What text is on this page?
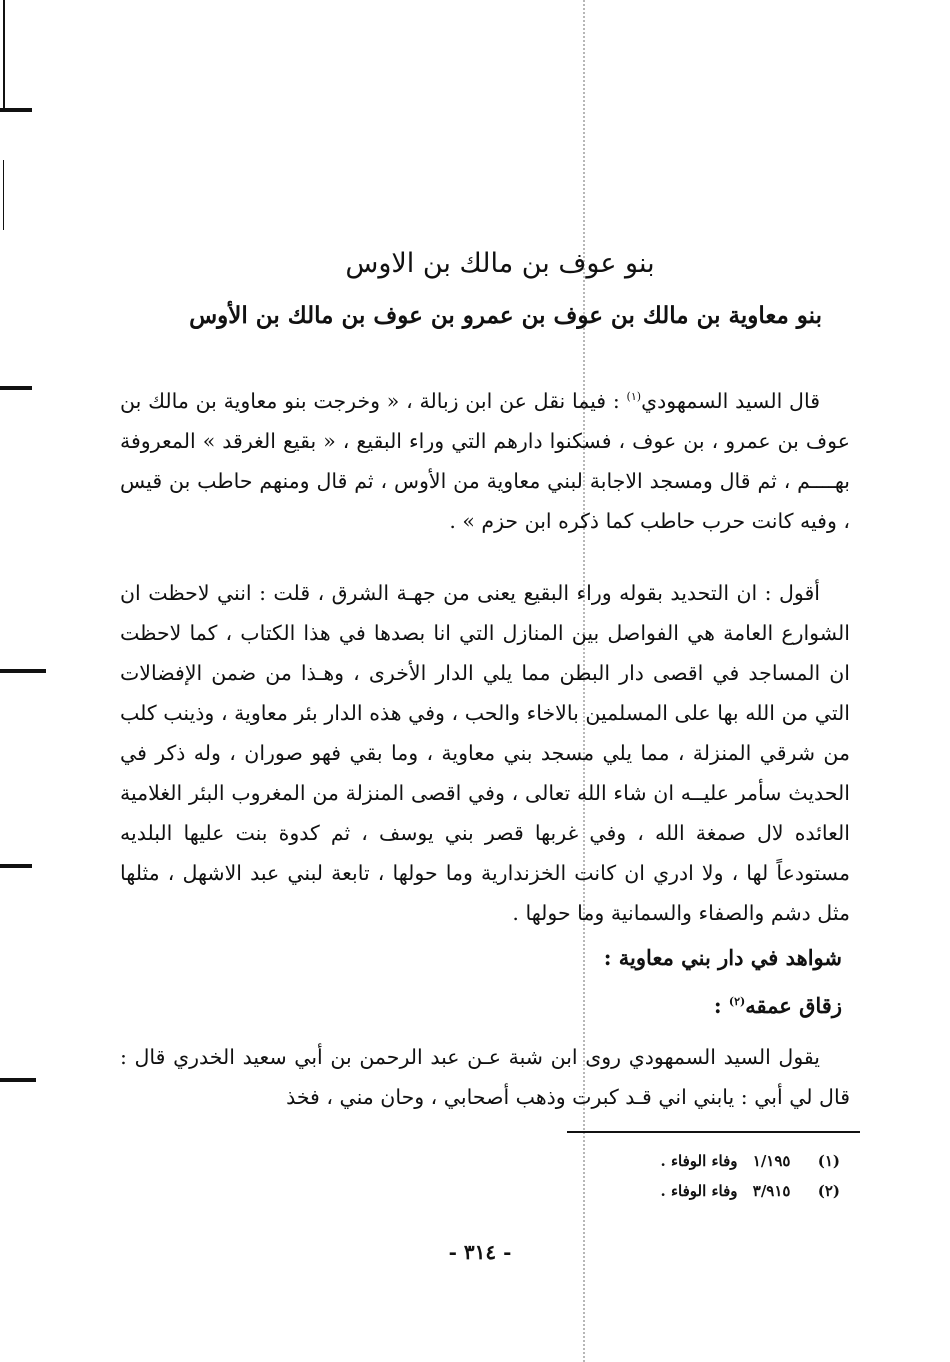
بنو عوف بن مالك بن الاوس
بنو معاوية بن مالك بن عوف بن عمرو بن عوف بن مالك بن الأوس
قال السيد السمهودي$^{(١)}$ : فيما نقل عن ابن زبالة ، « وخرجت بنو معاوية بن مالك بن عوف بن عمرو ، بن عوف ، فسكنوا دارهم التي وراء البقيع ، « بقيع الغرقد » المعروفة بهــــم ، ثم قال ومسجد الاجابة لبني معاوية من الأوس ، ثم قال ومنهم حاطب بن قيس ، وفيه كانت حرب حاطب كما ذكره ابن حزم » .
أقول : ان التحديد بقوله وراء البقيع يعنى من جهـة الشرق ، قلت : انني لاحظت ان الشوارع العامة هي الفواصل بين المنازل التي انا بصدها في هذا الكتاب ، كما لاحظت ان المساجد في اقصى دار البطن مما يلي الدار الأخرى ، وهـذا من ضمن الإفضالات التي من الله بها على المسلمين بالاخاء والحب ، وفي هذه الدار بئر معاوية ، وذينب كلب من شرقي المنزلة ، مما يلي مسجد بني معاوية ، وما بقي فهو صوران ، وله ذكر في الحديث سأمر عليــه ان شاء الله تعالى ، وفي اقصى المنزلة من المغروب البئر الغلامية العائده لال صمغة الله ، وفي غربها قصر بني يوسف ، ثم كدوة بنت عليها البلديه مستودعاً لها ، ولا ادري ان كانت الخزندارية وما حولها ، تابعة لبني عبد الاشهل ، مثلها مثل دشم والصفاء والسمانية وما حولها .
شواهد في دار بني معاوية :
زقاق عمقه$^{(٢)}$ :
يقول السيد السمهودي روى ابن شبة عـن عبد الرحمن بن أبي سعيد الخدري قال : قال لي أبي : يابني اني قـد كبرت وذهب أصحابي ، وحان مني ، فخذ
(١) ١/١٩٥ وفاء الوفاء .
(٢) ٣/٩١٥ وفاء الوفاء .
- ٣١٤ -
